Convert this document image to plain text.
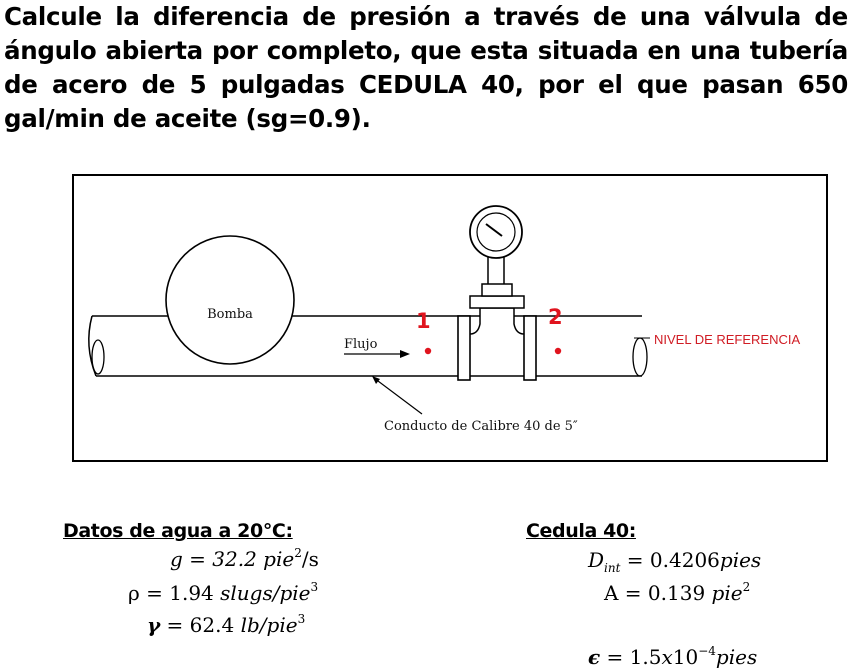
Calcule la diferencia de presión a través de una válvula de ángulo abierta por completo, que esta situada en una tubería de acero de 5 pulgadas CEDULA 40, por el que pasan 650 gal/min de aceite (sg=0.9).
Bomba	1	2
Flujo	NIVEL DE REFERENCIA
Conducto de Calibre 40 de 5″
Datos de agua a 20°C:
g = 32.2 pie$^2$/s
ρ = 1.94 slugs/pie$^3$
γ = 62.4 lb/pie$^3$
Cedula 40:
$D_{int}$ = 0.4206pies
A = 0.139 pie$^2$
$\epsilon = 1.5x10^{-4}pies$
